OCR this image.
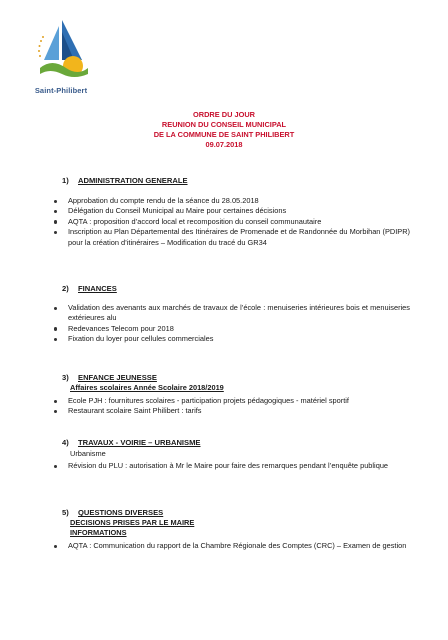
Saint-Philibert
ORDRE DU JOUR
REUNION DU CONSEIL MUNICIPAL
DE LA COMMUNE DE SAINT PHILIBERT
09.07.2018
1) ADMINISTRATION GENERALE
Approbation du compte rendu de la séance du 28.05.2018
Délégation du Conseil Municipal au Maire pour certaines décisions
AQTA : proposition d’accord local et recomposition du conseil communautaire
Inscription au Plan Départemental des Itinéraires de Promenade et de Randonnée du Morbihan (PDIPR) pour la création d’itinéraires – Modification du tracé du GR34
2) FINANCES
Validation des avenants aux marchés de travaux de l’école : menuiseries intérieures bois et menuiseries extérieures alu
Redevances Telecom pour 2018
Fixation du loyer pour cellules commerciales
3) ENFANCE JEUNESSE
Affaires scolaires Année Scolaire 2018/2019
Ecole PJH : fournitures scolaires - participation projets pédagogiques - matériel sportif
Restaurant scolaire Saint Philibert : tarifs
4) TRAVAUX - VOIRIE – URBANISME
Urbanisme
Révision du PLU : autorisation à Mr le Maire pour faire des remarques pendant l’enquête publique
5) QUESTIONS DIVERSES
DECISIONS PRISES PAR LE MAIRE
INFORMATIONS
AQTA : Communication du rapport de la Chambre Régionale des Comptes (CRC) – Examen de gestion
